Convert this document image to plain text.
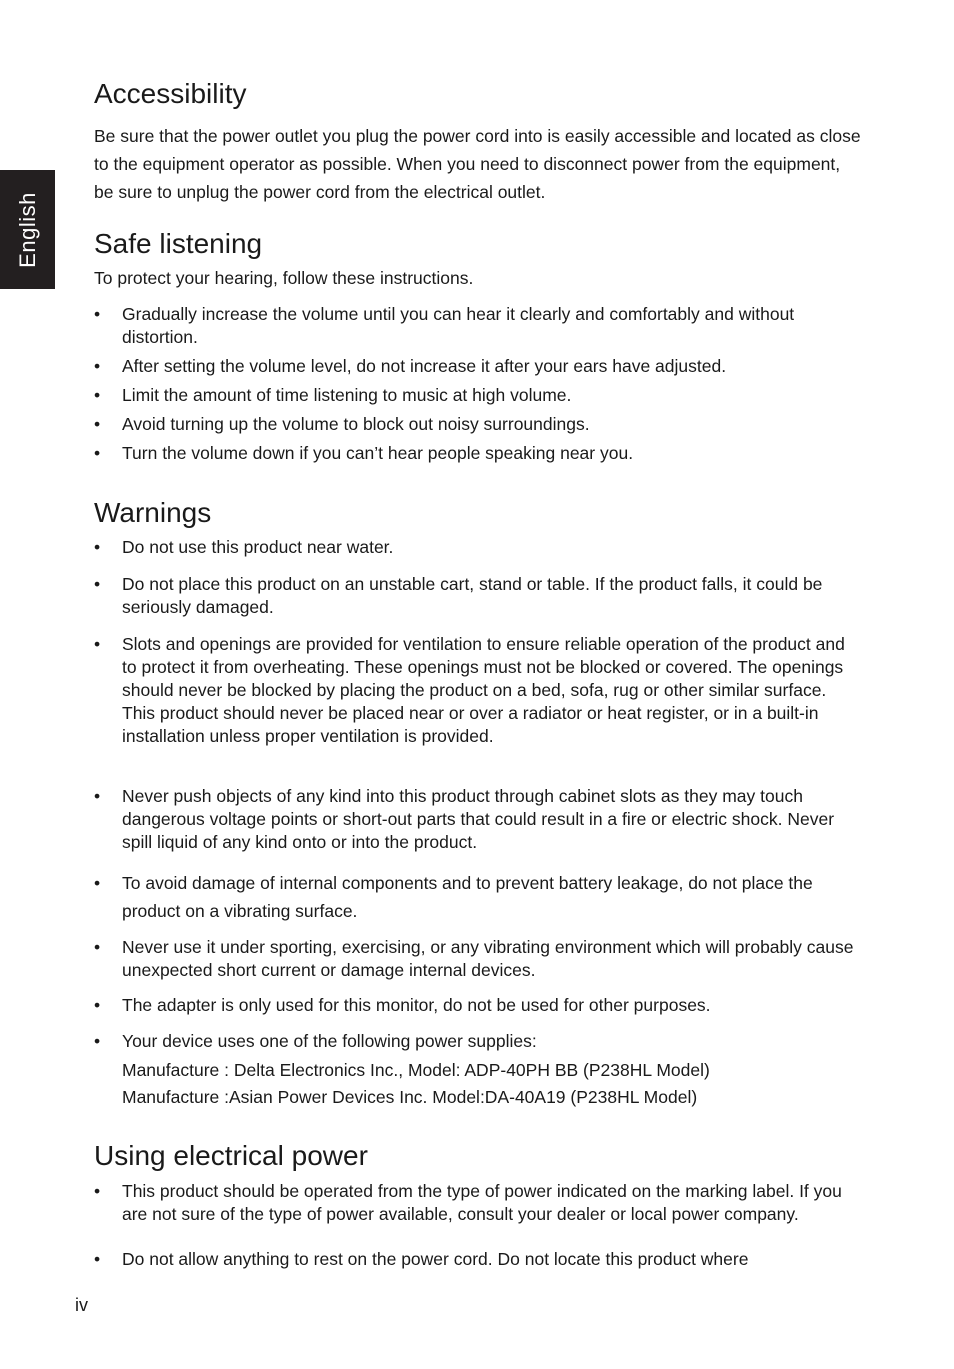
English
Accessibility

Be sure that the power outlet you plug the power cord into is easily accessible and located as close to the equipment operator as possible. When you need to disconnect power from the equipment, be sure to unplug the power cord from the electrical outlet.

Safe listening

To protect your hearing, follow these instructions.

•	Gradually increase the volume until you can hear it clearly and comfortably and without distortion.
•	After setting the volume level, do not increase it after your ears have adjusted.
•	Limit the amount of time listening to music at high volume.
•	Avoid turning up the volume to block out noisy surroundings.
•	Turn the volume down if you can’t hear people speaking near you.
Warnings
•	Do not use this product near water.
•	Do not place this product on an unstable cart, stand or table. If the product falls, it could be seriously damaged.
•	Slots and openings are provided for ventilation to ensure reliable operation of the product and to protect it from overheating. These openings must not be blocked or covered. The openings should never be blocked by placing the product on a bed, sofa, rug or other similar surface. This product should never be placed near or over a radiator or heat register, or in a built-in installation unless proper ventilation is provided.
•	Never push objects of any kind into this product through cabinet slots as they may touch dangerous voltage points or short-out parts that could result in a fire or electric shock. Never spill liquid of any kind onto or into the product.
•	To avoid damage of internal components and to prevent battery leakage, do not place the product on a vibrating surface.
•	Never use it under sporting, exercising, or any vibrating environment which will probably cause unexpected short current or damage internal devices.
•	The adapter is only used for this monitor, do not be used for other purposes.
•	Your device uses one of the following power supplies:
Manufacture : Delta Electronics Inc., Model: ADP-40PH BB (P238HL Model)
Manufacture :Asian Power Devices Inc. Model:DA-40A19 (P238HL Model)
Using electrical power
•	This product should be operated from the type of power indicated on the marking label. If you are not sure of the type of power available, consult your dealer or local power company.
•	Do not allow anything to rest on the power cord. Do not locate this product where
iv
